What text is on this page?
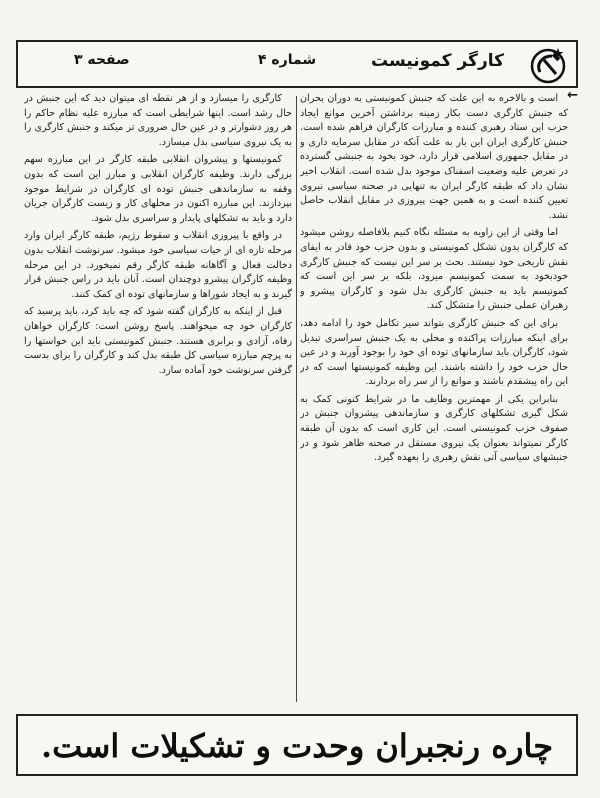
کارگر کمونیست
شماره ۴
صفحه ۳
←

است و بالاخره به این علت که جنبش کمونیستی به دوران بحران که جنبش کارگری دست بکار زمینه برداشتن آخرین موانع ایجاد حزب این ستاد رهبری کننده و مبارزات کارگران فراهم شده است. جنبش کارگری ایران این بار به علت آنکه در مقابل سرمایه داری و در مقابل جمهوری اسلامی قرار دارد، خود بخود به جنبشی گسترده در تعرض علیه وضعیت اسفناک موجود بدل شده است. انقلاب اخیر نشان داد که طبقه کارگر ایران به تنهایی در صحنه سیاسی نیروی تعیین کننده است و به همین جهت پیروزی در مقابل انقلاب حاصل نشد.

اما وقتی از این زاویه به مسئله نگاه کنیم بلافاصله روشن میشود که کارگران بدون تشکل کمونیستی و بدون حزب خود قادر به ایفای نقش تاریخی خود نیستند. بحث بر سر این نیست که جنبش کارگری خودبخود به سمت کمونیسم میرود، بلکه بر سر این است که کمونیسم باید به جنبش کارگری بدل شود و کارگران پیشرو و رهبران عملی جنبش را متشکل کند.

برای این که جنبش کارگری بتواند سیر تکامل خود را ادامه دهد، برای اینکه مبارزات پراکنده و محلی به یک جنبش سراسری تبدیل شود، کارگران باید سازمانهای توده ای خود را بوجود آورند و در عین حال حزب خود را داشته باشند. این وظیفه کمونیستها است که در این راه پیشقدم باشند و موانع را از سر راه بردارند.

بنابراین یکی از مهمترین وظایف ما در شرایط کنونی کمک به شکل گیری تشکلهای کارگری و سازماندهی پیشروان جنبش در صفوف حزب کمونیستی است. این کاری است که بدون آن طبقه کارگر نمیتواند بعنوان یک نیروی مستقل در صحنه ظاهر شود و در جنبشهای سیاسی آتی نقش رهبری را بعهده گیرد.

کارگری را میسازد و از هر نقطه ای میتوان دید که این جنبش در حال رشد است. اینها شرایطی است که مبارزه علیه نظام حاکم را هر روز دشوارتر و در عین حال ضروری تر میکند و جنبش کارگری را به یک نیروی سیاسی بدل میسازد.

کمونیستها و پیشروان انقلابی طبقه کارگر در این مبارزه سهم بزرگی دارند. وظیفه کارگران انقلابی و مبارز این است که بدون وقفه به سازماندهی جنبش توده ای کارگران در شرایط موجود بپردازند. این مبارزه اکنون در محلهای کار و زیست کارگران جریان دارد و باید به تشکلهای پایدار و سراسری بدل شود.

در واقع با پیروزی انقلاب و سقوط رژیم، طبقه کارگر ایران وارد مرحله تازه ای از حیات سیاسی خود میشود. سرنوشت انقلاب بدون دخالت فعال و آگاهانه طبقه کارگر رقم نمیخورد. در این مرحله وظیفه کارگران پیشرو دوچندان است. آنان باید در راس جنبش قرار گیرند و به ایجاد شوراها و سازمانهای توده ای کمک کنند.

قبل از اینکه به کارگران گفته شود که چه باید کرد، باید پرسید که کارگران خود چه میخواهند. پاسخ روشن است: کارگران خواهان رفاه، آزادی و برابری هستند. جنبش کمونیستی باید این خواستها را به پرچم مبارزه سیاسی کل طبقه بدل کند و کارگران را برای بدست گرفتن سرنوشت خود آماده سازد.

چاره رنجبران وحدت و تشکیلات است.
